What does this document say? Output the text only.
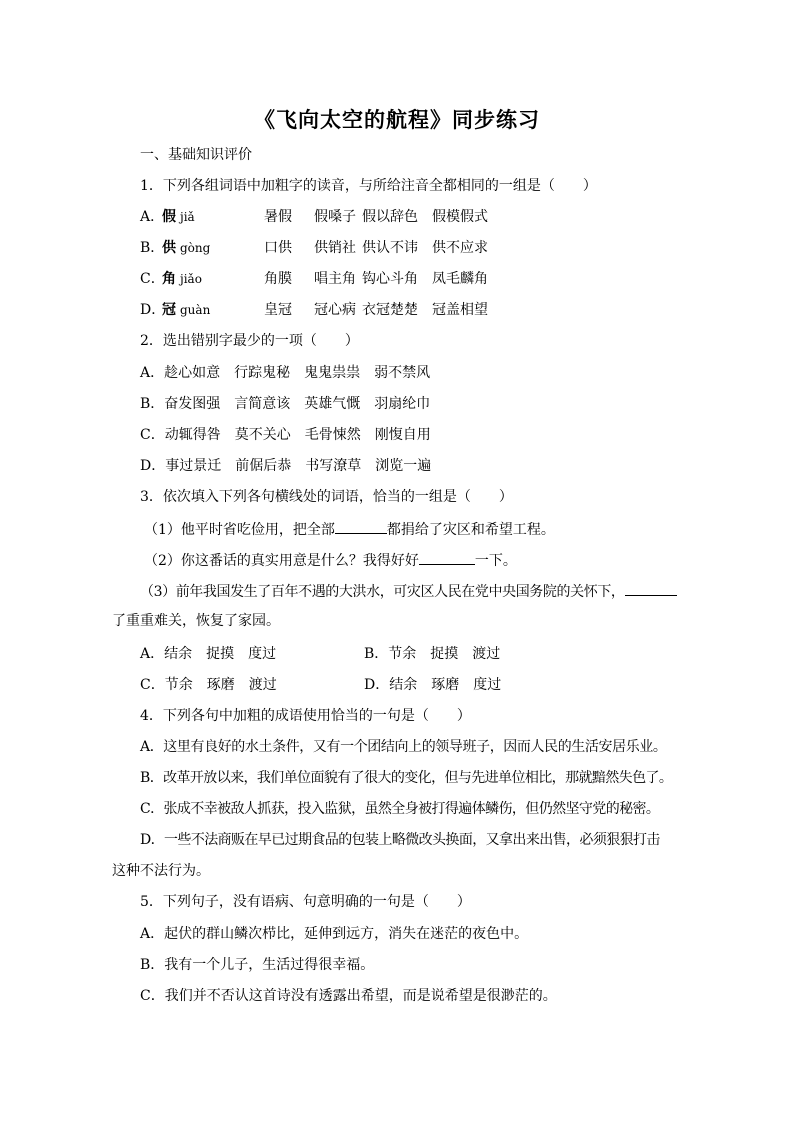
《飞向太空的航程》同步练习
一、基础知识评价
1．下列各组词语中加粗字的读音，与所给注音全都相同的一组是（　　）
A．
假 jiǎ	暑假 假嗓子 假以辞色 假模假式
B．
供 gòng	口供 供销社 供认不讳 供不应求
C．
角 jiǎo	角膜 唱主角 钩心斗角 凤毛麟角
D．
冠 guàn	皇冠 冠心病 衣冠楚楚 冠盖相望
2．选出错别字最少的一项（　　）
A．趁心如意　行踪鬼秘　鬼鬼祟祟　弱不禁风
B．奋发图强　言简意该　英雄气慨　羽扇纶巾
C．动辄得咎　莫不关心　毛骨悚然　刚愎自用
D．事过景迁　前倨后恭　书写潦草　浏览一遍
3．依次填入下列各句横线处的词语，恰当的一组是（　　）
（1）他平时省吃俭用，把全部	都捐给了灾区和希望工程。
（2）你这番话的真实用意是什么？我得好好	一下。
（3）前年我国发生了百年不遇的大洪水，可灾区人民在党中央国务院的关怀下，
了重重难关，恢复了家园。
A．结余　捉摸　度过	B．节余　捉摸　渡过
C．节余　琢磨　渡过	D．结余　琢磨　度过
4．下列各句中加粗的成语使用恰当的一句是（　　）
A．这里有良好的水土条件，又有一个团结向上的领导班子，因而人民的生活安居乐业。
B．改革开放以来，我们单位面貌有了很大的变化，但与先进单位相比，那就黯然失色了。
C．张成不幸被敌人抓获，投入监狱，虽然全身被打得遍体鳞伤，但仍然坚守党的秘密。
D．一些不法商贩在早已过期食品的包装上略微改头换面，又拿出来出售，必须狠狠打击
这种不法行为。
5．下列句子，没有语病、句意明确的一句是（　　）
A．起伏的群山鳞次栉比，延伸到远方，消失在迷茫的夜色中。
B．我有一个儿子，生活过得很幸福。
C．我们并不否认这首诗没有透露出希望，而是说希望是很渺茫的。
